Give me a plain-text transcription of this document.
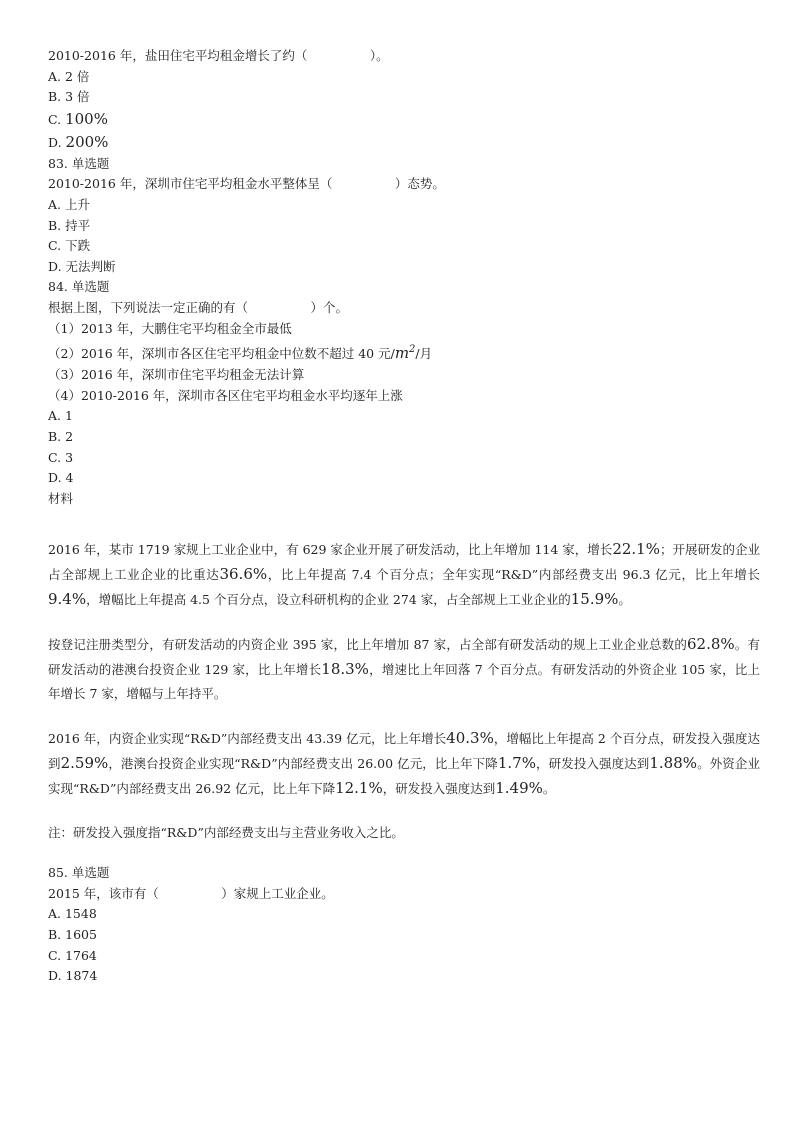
2010-2016 年，盐田住宅平均租金增长了约（　　　　　）。
A. 2 倍
B. 3 倍
C. 100%
D. 200%
83. 单选题
2010-2016 年，深圳市住宅平均租金水平整体呈（　　　　　）态势。
A. 上升
B. 持平
C. 下跌
D. 无法判断
84. 单选题
根据上图，下列说法一定正确的有（　　　　　）个。
（1）2013 年，大鹏住宅平均租金全市最低
（2）2016 年，深圳市各区住宅平均租金中位数不超过 40 元$/m^2/$月
（3）2016 年，深圳市住宅平均租金无法计算
（4）2010-2016 年，深圳市各区住宅平均租金水平均逐年上涨
A. 1
B. 2
C. 3
D. 4
材料

2016 年，某市 1719 家规上工业企业中，有 629 家企业开展了研发活动，比上年增加 114 家，增长22.1%；开展研发的企业占全部规上工业企业的比重达36.6%，比上年提高 7.4 个百分点；全年实现“R&D”内部经费支出 96.3 亿元，比上年增长9.4%，增幅比上年提高 4.5 个百分点，设立科研机构的企业 274 家，占全部规上工业企业的15.9%。

按登记注册类型分，有研发活动的内资企业 395 家，比上年增加 87 家，占全部有研发活动的规上工业企业总数的62.8%。有研发活动的港澳台投资企业 129 家，比上年增长18.3%，增速比上年回落 7 个百分点。有研发活动的外资企业 105 家，比上年增长 7 家，增幅与上年持平。

2016 年，内资企业实现“R&D”内部经费支出 43.39 亿元，比上年增长40.3%，增幅比上年提高 2 个百分点，研发投入强度达到2.59%，港澳台投资企业实现“R&D”内部经费支出 26.00 亿元，比上年下降1.7%，研发投入强度达到1.88%。外资企业实现“R&D”内部经费支出 26.92 亿元，比上年下降12.1%，研发投入强度达到1.49%。

注：研发投入强度指“R&D”内部经费支出与主营业务收入之比。

85. 单选题
2015 年，该市有（　　　　　）家规上工业企业。
A. 1548
B. 1605
C. 1764
D. 1874
